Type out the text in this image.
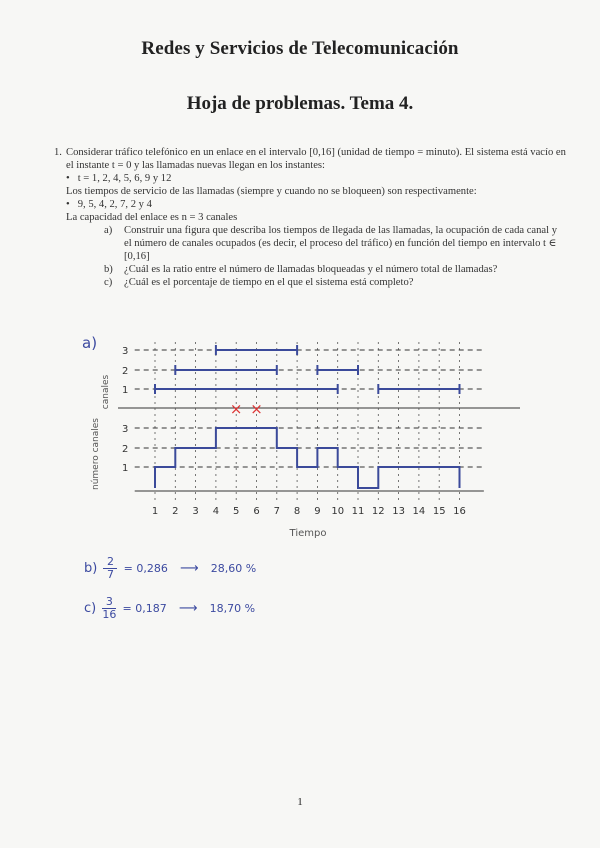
Redes y Servicios de Telecomunicación
Hoja de problemas. Tema 4.
1. Considerar tráfico telefónico en un enlace en el intervalo [0,16] (unidad de tiempo = minuto). El sistema está vacío en el instante t = 0 y las llamadas nuevas llegan en los instantes:

• t = 1, 2, 4, 5, 6, 9 y 12

Los tiempos de servicio de las llamadas (siempre y cuando no se bloqueen) son respectivamente:

• 9, 5, 4, 2, 7, 2 y 4

La capacidad del enlace es n = 3 canales

a) Construir una figura que describa los tiempos de llegada de las llamadas, la ocupación de cada canal y el número de canales ocupados (es decir, el proceso del tráfico) en función del tiempo en intervalo t ∈ [0,16]
b) ¿Cuál es la ratio entre el número de llamadas bloqueadas y el número total de llamadas?
c) ¿Cuál es el porcentaje de tiempo en el que el sistema está completo?
a)
canales
número canales
1
1
2
2
3
3
× ×
1 2 3 4 5 6 7 8 9 10 11 12 13 14 15 16
Tiempo
$b) \frac{2}{7} = 0,286$ ⟶ 28,60 %
$c) \frac{3}{16} = 0,187$ ⟶ 18,70 %
1
